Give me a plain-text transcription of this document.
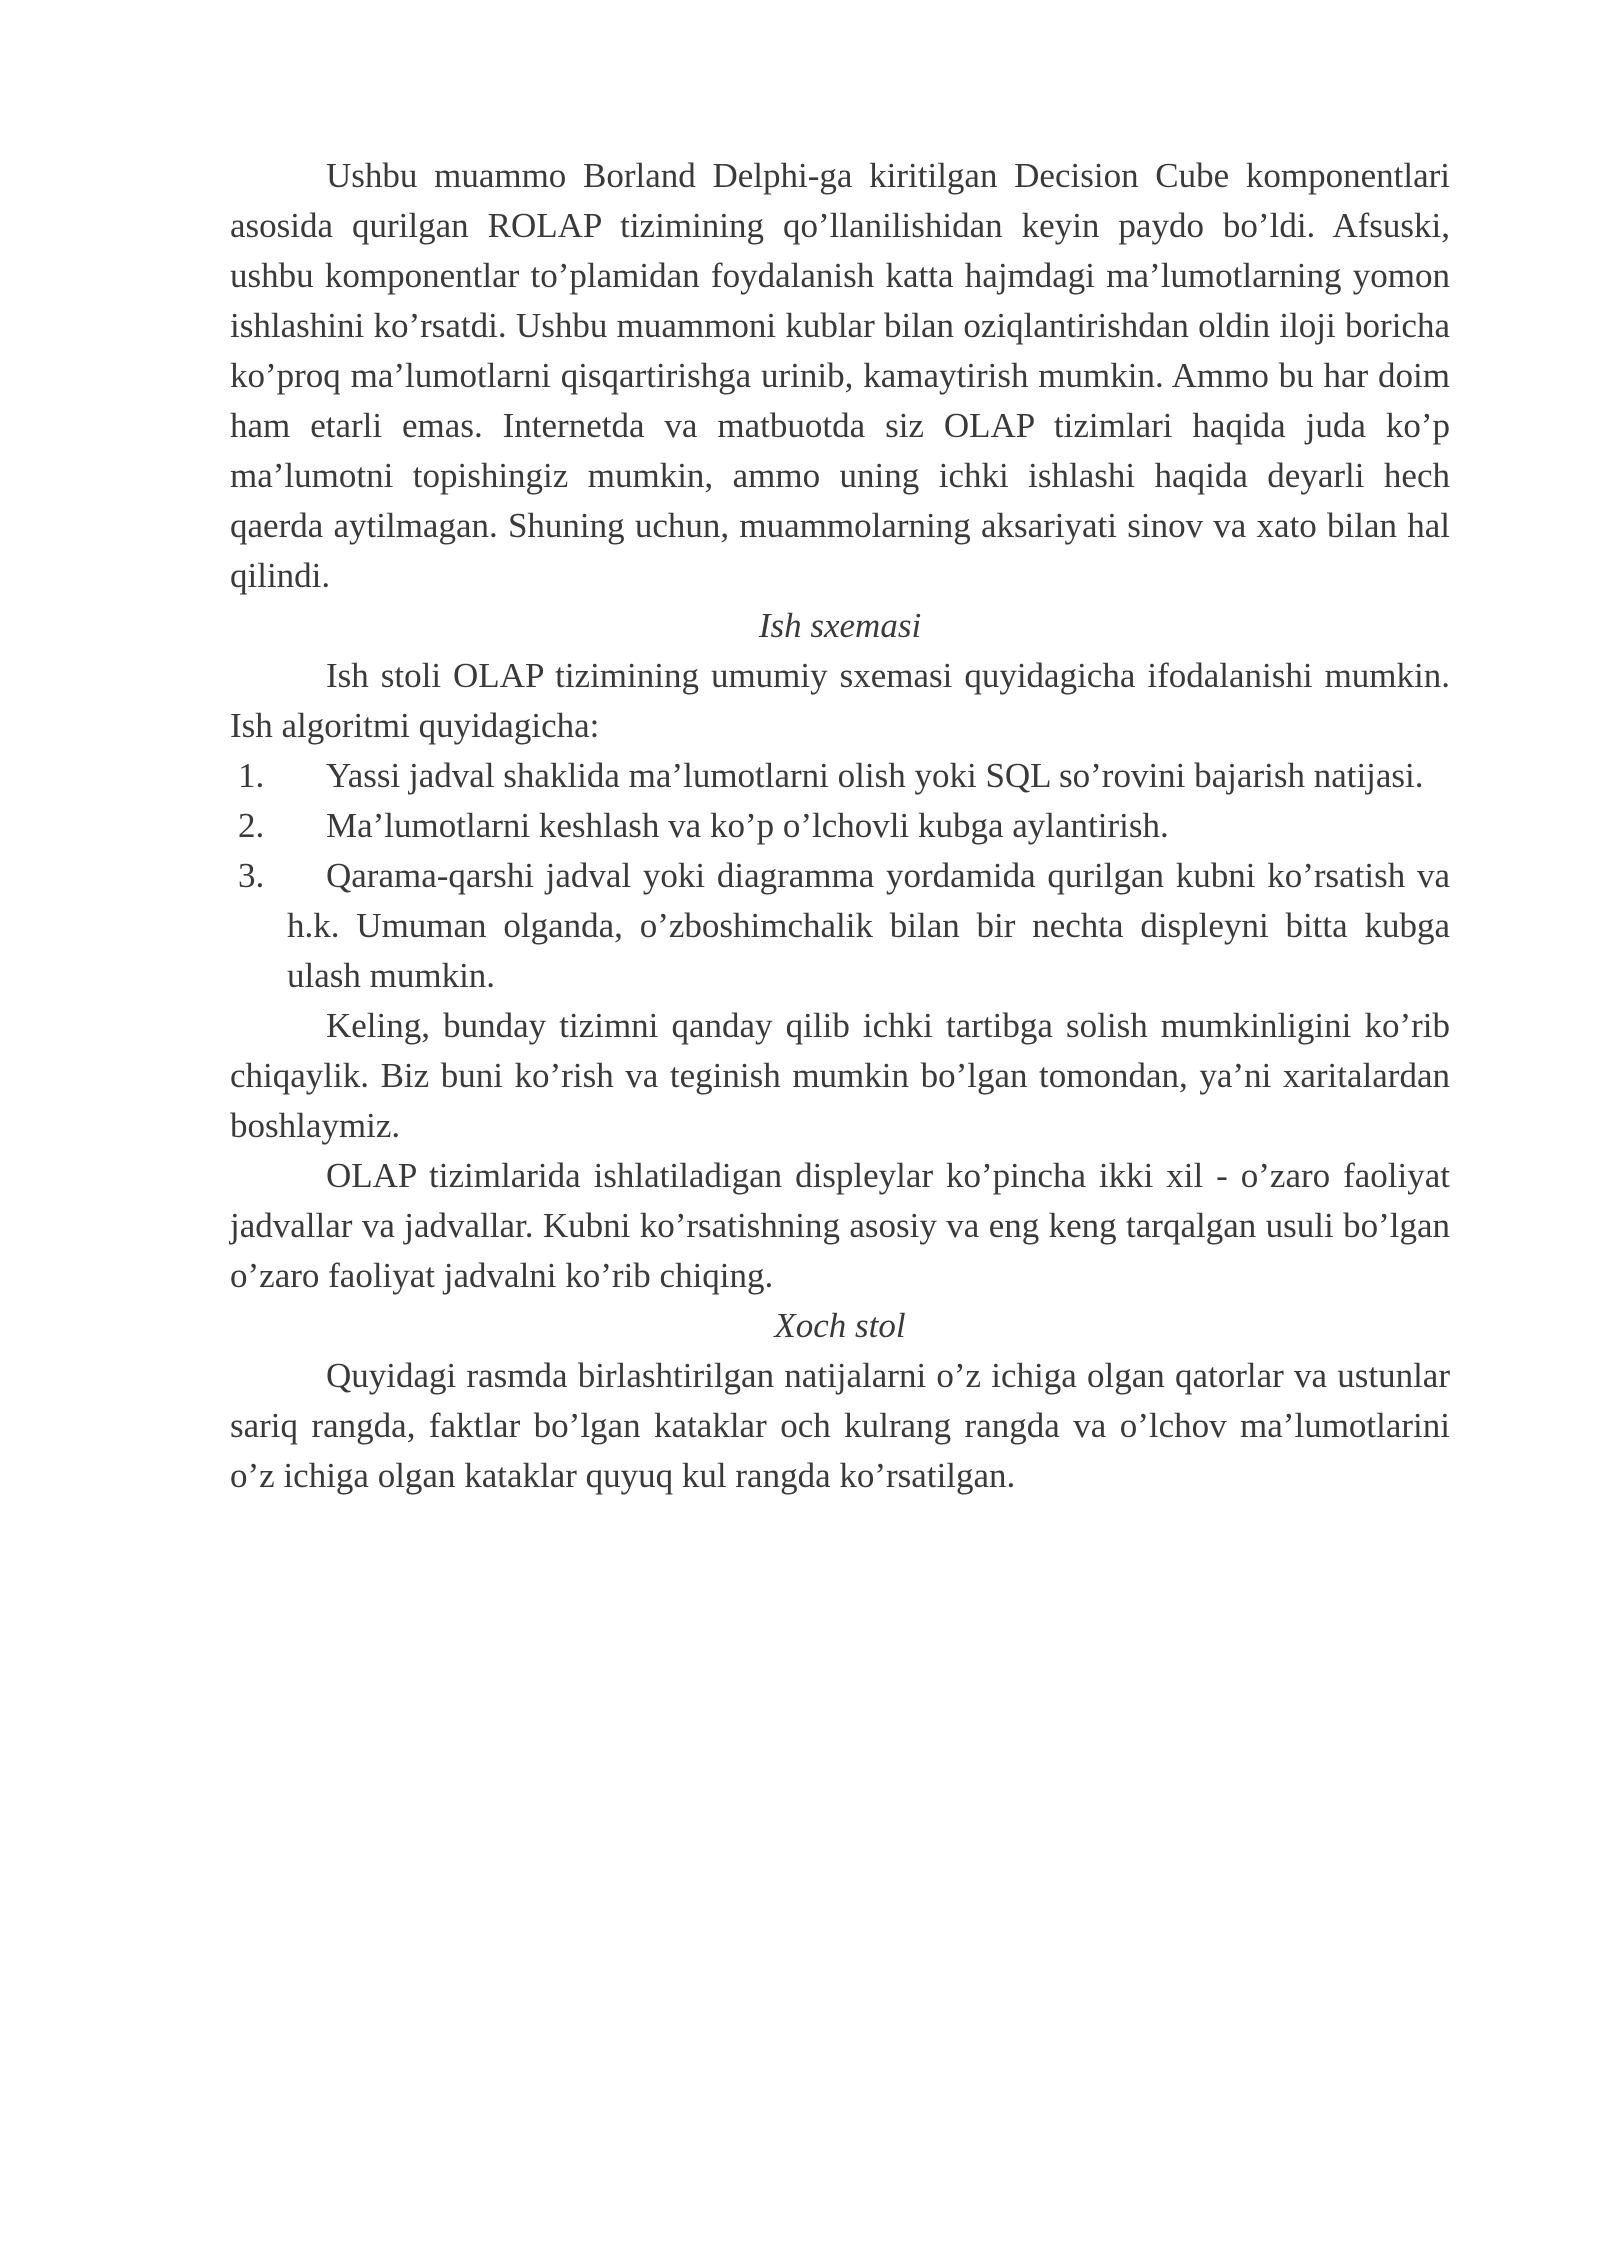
Ushbu muammo Borland Delphi-ga kiritilgan Decision Cube komponentlari asosida qurilgan ROLAP tizimining qo’llanilishidan keyin paydo bo’ldi. Afsuski, ushbu komponentlar to’plamidan foydalanish katta hajmdagi ma’lumotlarning yomon ishlashini ko’rsatdi. Ushbu muammoni kublar bilan oziqlantirishdan oldin iloji boricha ko’proq ma’lumotlarni qisqartirishga urinib, kamaytirish mumkin. Ammo bu har doim ham etarli emas. Internetda va matbuotda siz OLAP tizimlari haqida juda ko’p ma’lumotni topishingiz mumkin, ammo uning ichki ishlashi haqida deyarli hech qaerda aytilmagan. Shuning uchun, muammolarning aksariyati sinov va xato bilan hal qilindi.

Ish sxemasi

Ish stoli OLAP tizimining umumiy sxemasi quyidagicha ifodalanishi mumkin. Ish algoritmi quyidagicha:

1.	Yassi jadval shaklida ma’lumotlarni olish yoki SQL so’rovini bajarish natijasi.
2.	Ma’lumotlarni keshlash va ko’p o’lchovli kubga aylantirish.
3.	Qarama-qarshi jadval yoki diagramma yordamida qurilgan kubni ko’rsatish va h.k. Umuman olganda, o’zboshimchalik bilan bir nechta displeyni bitta kubga ulash mumkin.

Keling, bunday tizimni qanday qilib ichki tartibga solish mumkinligini ko’rib chiqaylik. Biz buni ko’rish va teginish mumkin bo’lgan tomondan, ya’ni xaritalardan boshlaymiz.

OLAP tizimlarida ishlatiladigan displeylar ko’pincha ikki xil - o’zaro faoliyat jadvallar va jadvallar. Kubni ko’rsatishning asosiy va eng keng tarqalgan usuli bo’lgan o’zaro faoliyat jadvalni ko’rib chiqing.

Xoch stol

Quyidagi rasmda birlashtirilgan natijalarni o’z ichiga olgan qatorlar va ustunlar sariq rangda, faktlar bo’lgan kataklar och kulrang rangda va o’lchov ma’lumotlarini o’z ichiga olgan kataklar quyuq kul rangda ko’rsatilgan.
